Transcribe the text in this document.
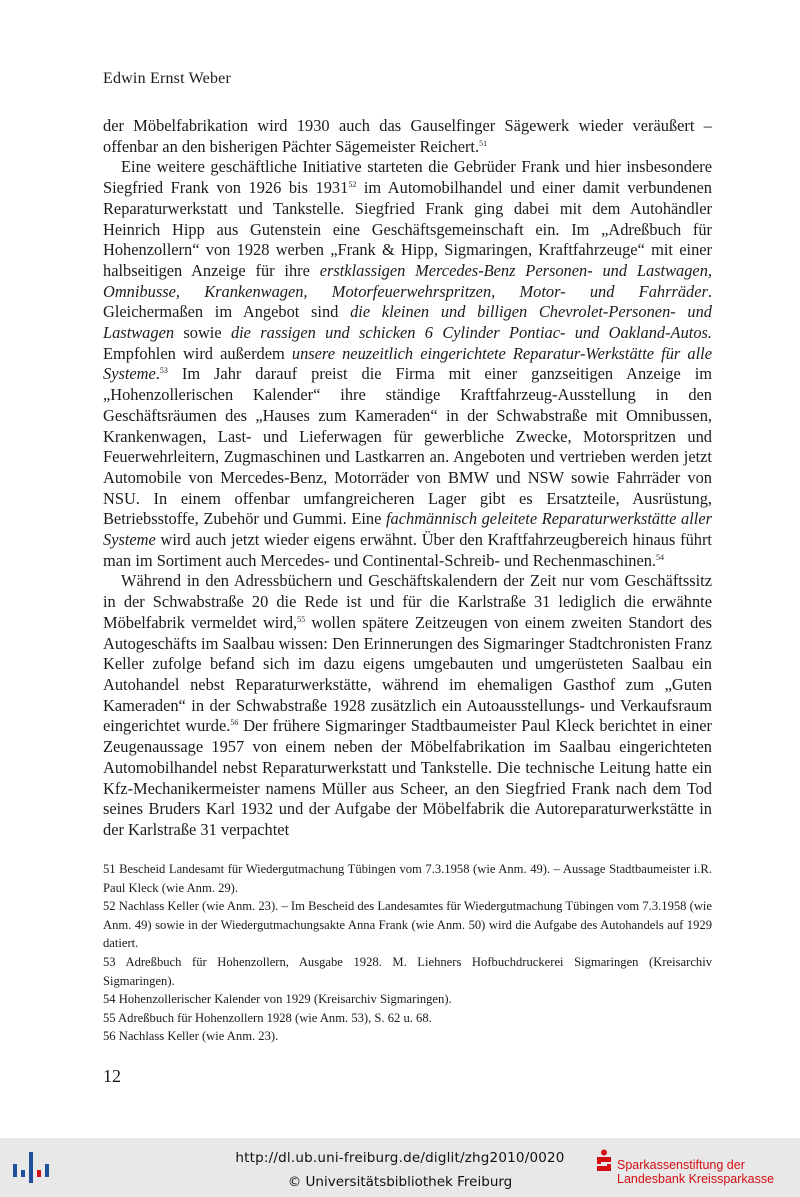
Edwin Ernst Weber

der Möbelfabrikation wird 1930 auch das Gauselfinger Sägewerk wieder veräußert – offenbar an den bisherigen Pächter Sägemeister Reichert.$^{51}$

Eine weitere geschäftliche Initiative starteten die Gebrüder Frank und hier insbesondere Siegfried Frank von 1926 bis 1931$^{52}$ im Automobilhandel und einer damit verbundenen Reparaturwerkstatt und Tankstelle. Siegfried Frank ging dabei mit dem Autohändler Heinrich Hipp aus Gutenstein eine Geschäftsgemeinschaft ein. Im „Adreßbuch für Hohenzollern“ von 1928 werben „Frank & Hipp, Sigmaringen, Kraftfahrzeuge“ mit einer halbseitigen Anzeige für ihre erstklassigen Mercedes-Benz Personen- und Lastwagen, Omnibusse, Krankenwagen, Motorfeuerwehrspritzen, Motor- und Fahrräder. Gleichermaßen im Angebot sind die kleinen und billigen Chevrolet-Personen- und Lastwagen sowie die rassigen und schicken 6 Cylinder Pontiac- und Oakland-Autos. Empfohlen wird außerdem unsere neuzeitlich eingerichtete Reparatur-Werkstätte für alle Systeme.$^{53}$ Im Jahr darauf preist die Firma mit einer ganzseitigen Anzeige im „Hohenzollerischen Kalender“ ihre ständige Kraftfahrzeug-Ausstellung in den Geschäftsräumen des „Hauses zum Kameraden“ in der Schwabstraße mit Omnibussen, Krankenwagen, Last- und Lieferwagen für gewerbliche Zwecke, Motorspritzen und Feuerwehrleitern, Zugmaschinen und Lastkarren an. Angeboten und vertrieben werden jetzt Automobile von Mercedes-Benz, Motorräder von BMW und NSW sowie Fahrräder von NSU. In einem offenbar umfangreicheren Lager gibt es Ersatzteile, Ausrüstung, Betriebsstoffe, Zubehör und Gummi. Eine fachmännisch geleitete Reparaturwerkstätte aller Systeme wird auch jetzt wieder eigens erwähnt. Über den Kraftfahrzeugbereich hinaus führt man im Sortiment auch Mercedes- und Continental-Schreib- und Rechenmaschinen.$^{54}$

Während in den Adressbüchern und Geschäftskalendern der Zeit nur vom Geschäftssitz in der Schwabstraße 20 die Rede ist und für die Karlstraße 31 lediglich die erwähnte Möbelfabrik vermeldet wird,$^{55}$ wollen spätere Zeitzeugen von einem zweiten Standort des Autogeschäfts im Saalbau wissen: Den Erinnerungen des Sigmaringer Stadtchronisten Franz Keller zufolge befand sich im dazu eigens umgebauten und umgerüsteten Saalbau ein Autohandel nebst Reparaturwerkstätte, während im ehemaligen Gasthof zum „Guten Kameraden“ in der Schwabstraße 1928 zusätzlich ein Autoausstellungs- und Verkaufsraum eingerichtet wurde.$^{56}$ Der frühere Sigmaringer Stadtbaumeister Paul Kleck berichtet in einer Zeugenaussage 1957 von einem neben der Möbelfabrikation im Saalbau eingerichteten Automobilhandel nebst Reparaturwerkstatt und Tankstelle. Die technische Leitung hatte ein Kfz-Mechanikermeister namens Müller aus Scheer, an den Siegfried Frank nach dem Tod seines Bruders Karl 1932 und der Aufgabe der Möbelfabrik die Autoreparaturwerkstätte in der Karlstraße 31 verpachtet

51 Bescheid Landesamt für Wiedergutmachung Tübingen vom 7.3.1958 (wie Anm. 49). – Aussage Stadtbaumeister i.R. Paul Kleck (wie Anm. 29).

52 Nachlass Keller (wie Anm. 23). – Im Bescheid des Landesamtes für Wiedergutmachung Tübingen vom 7.3.1958 (wie Anm. 49) sowie in der Wiedergutmachungsakte Anna Frank (wie Anm. 50) wird die Aufgabe des Autohandels auf 1929 datiert.

53 Adreßbuch für Hohenzollern, Ausgabe 1928. M. Liehners Hofbuchdruckerei Sigmaringen (Kreisarchiv Sigmaringen).

54 Hohenzollerischer Kalender von 1929 (Kreisarchiv Sigmaringen).

55 Adreßbuch für Hohenzollern 1928 (wie Anm. 53), S. 62 u. 68.

56 Nachlass Keller (wie Anm. 23).

12
http://dl.ub.uni-freiburg.de/diglit/zhg2010/0020
© Universitätsbibliothek Freiburg
Sparkassenstiftung der
Landesbank Kreissparkasse
